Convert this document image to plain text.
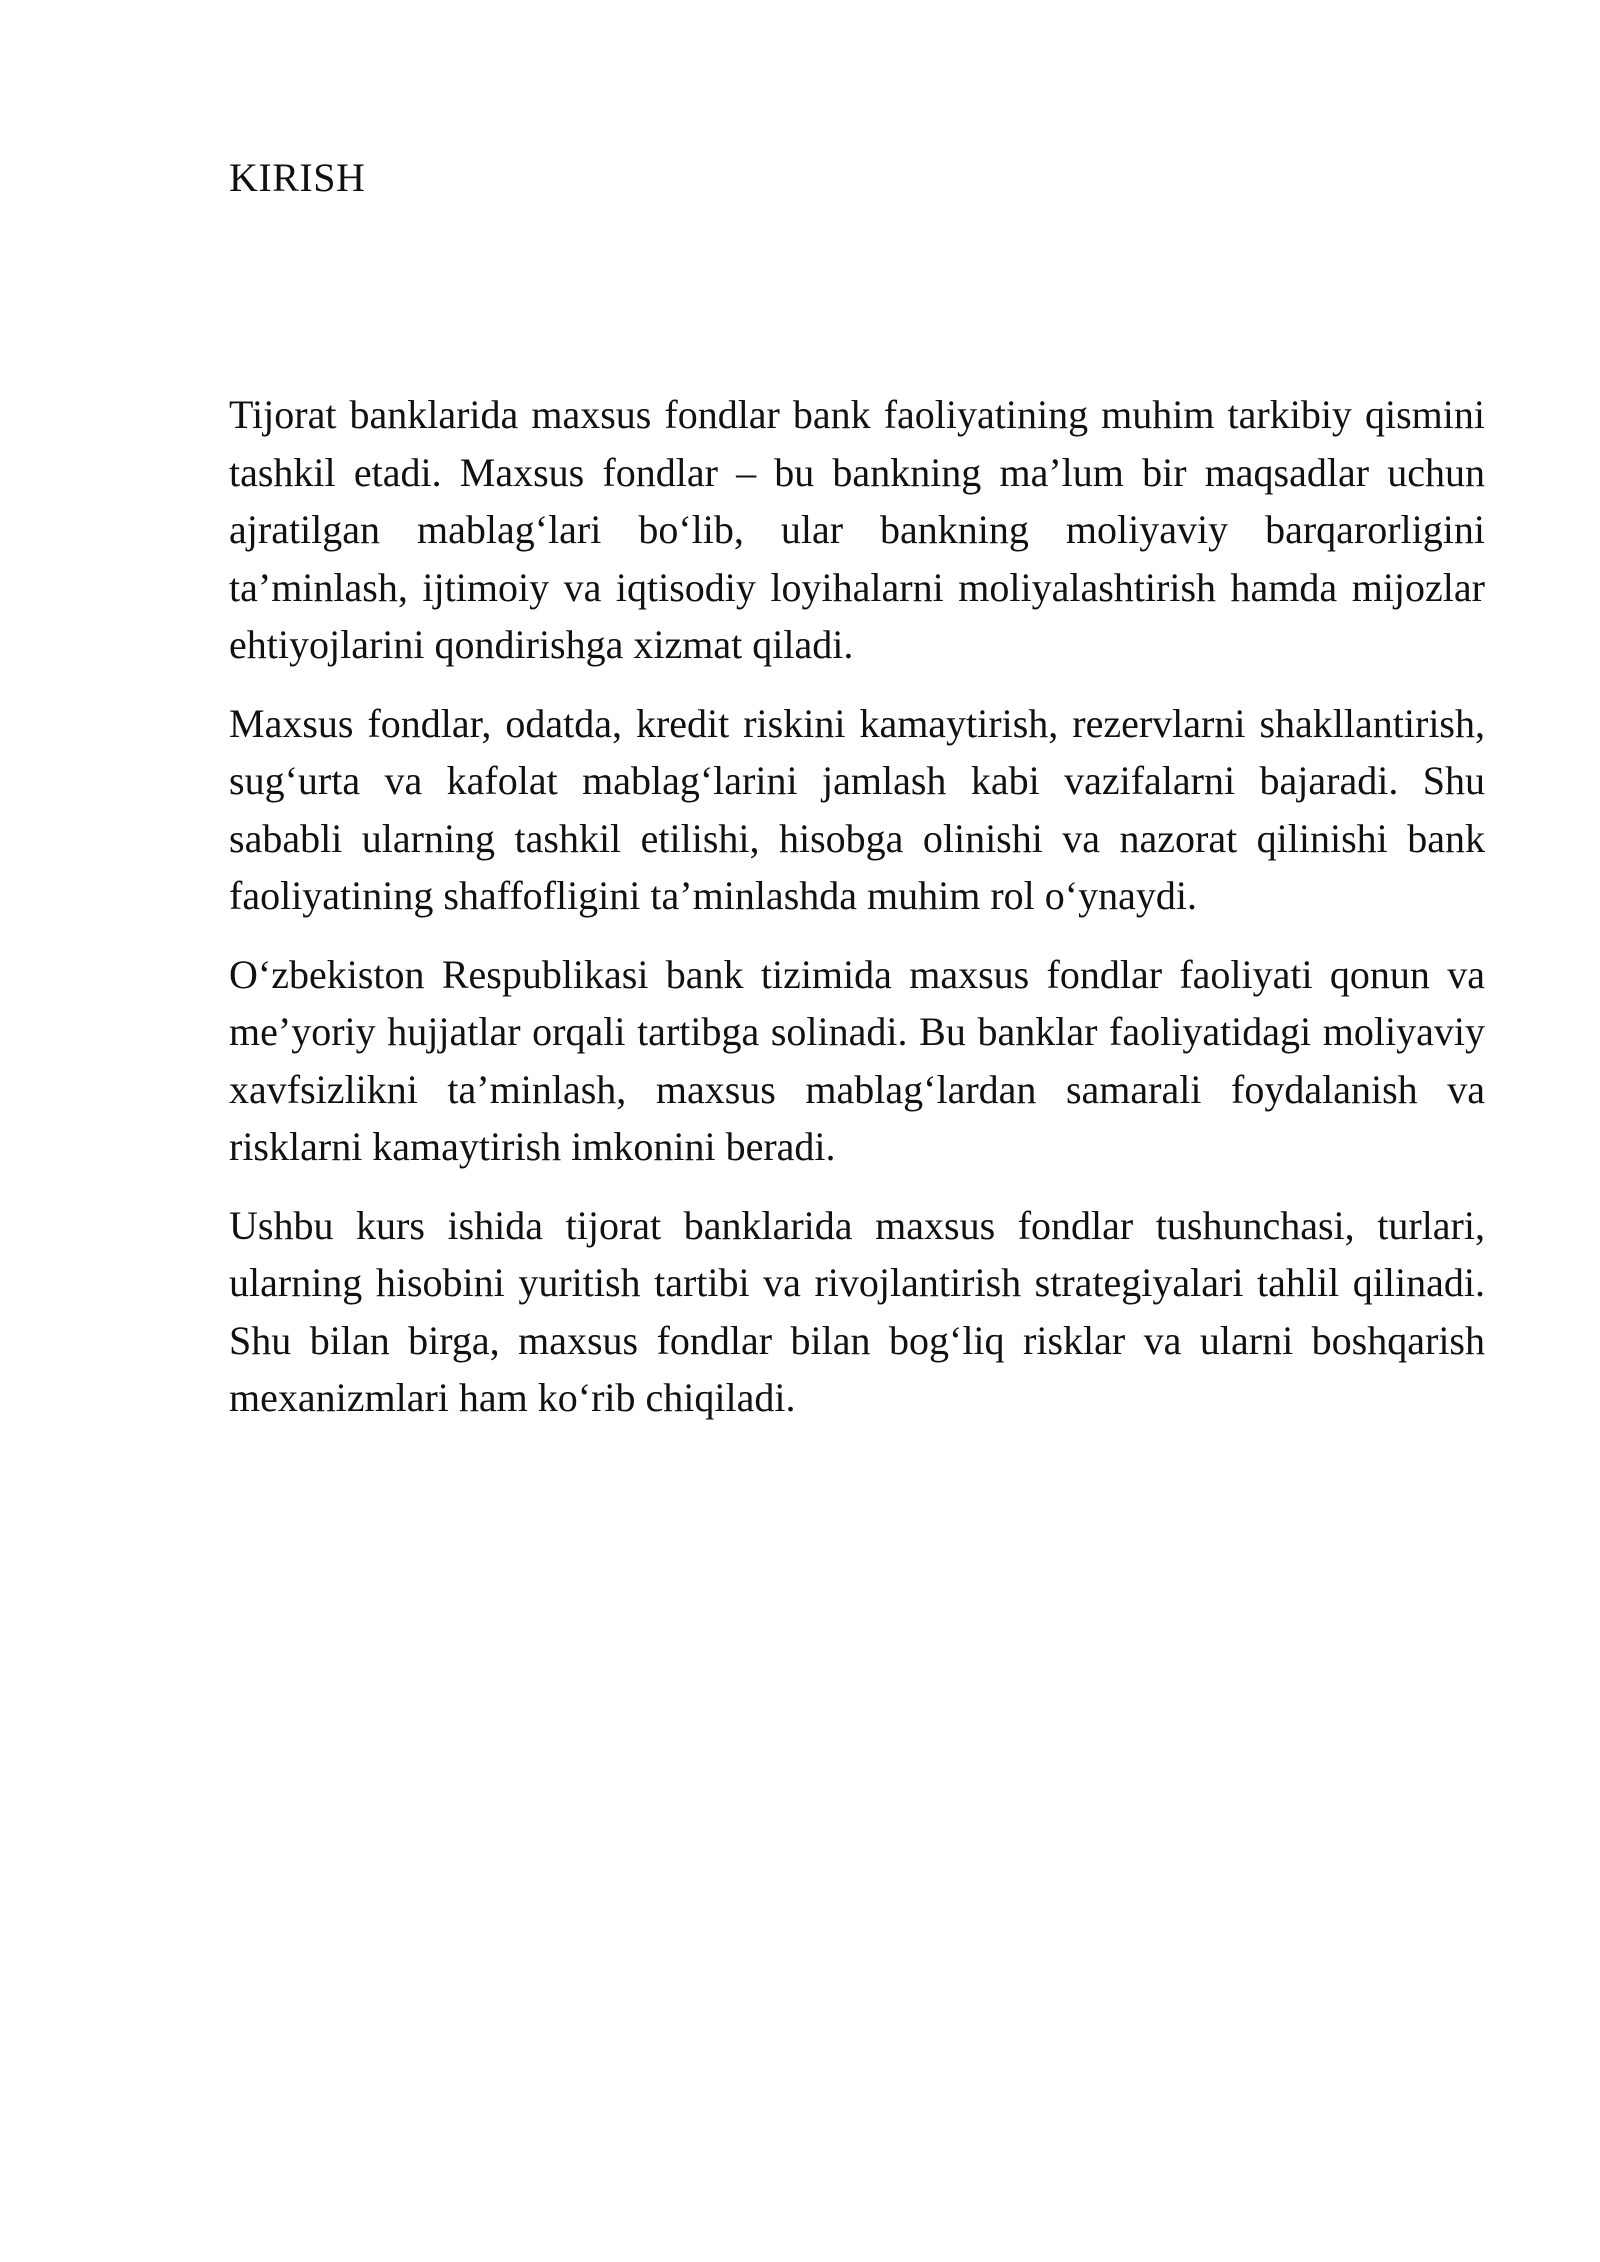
KIRISH

Tijorat banklarida maxsus fondlar bank faoliyatining muhim tarkibiy qismini tashkil etadi. Maxsus fondlar – bu bankning ma’lum bir maqsadlar uchun ajratilgan mablag‘lari bo‘lib, ular bankning moliyaviy barqarorligini ta’minlash, ijtimoiy va iqtisodiy loyihalarni moliyalashtirish hamda mijozlar ehtiyojlarini qondirishga xizmat qiladi.

Maxsus fondlar, odatda, kredit riskini kamaytirish, rezervlarni shakllantirish, sug‘urta va kafolat mablag‘larini jamlash kabi vazifalarni bajaradi. Shu sababli ularning tashkil etilishi, hisobga olinishi va nazorat qilinishi bank faoliyatining shaffofligini ta’minlashda muhim rol o‘ynaydi.

O‘zbekiston Respublikasi bank tizimida maxsus fondlar faoliyati qonun va me’yoriy hujjatlar orqali tartibga solinadi. Bu banklar faoliyatidagi moliyaviy xavfsizlikni ta’minlash, maxsus mablag‘lardan samarali foydalanish va risklarni kamaytirish imkonini beradi.

Ushbu kurs ishida tijorat banklarida maxsus fondlar tushunchasi, turlari, ularning hisobini yuritish tartibi va rivojlantirish strategiyalari tahlil qilinadi. Shu bilan birga, maxsus fondlar bilan bog‘liq risklar va ularni boshqarish mexanizmlari ham ko‘rib chiqiladi.
